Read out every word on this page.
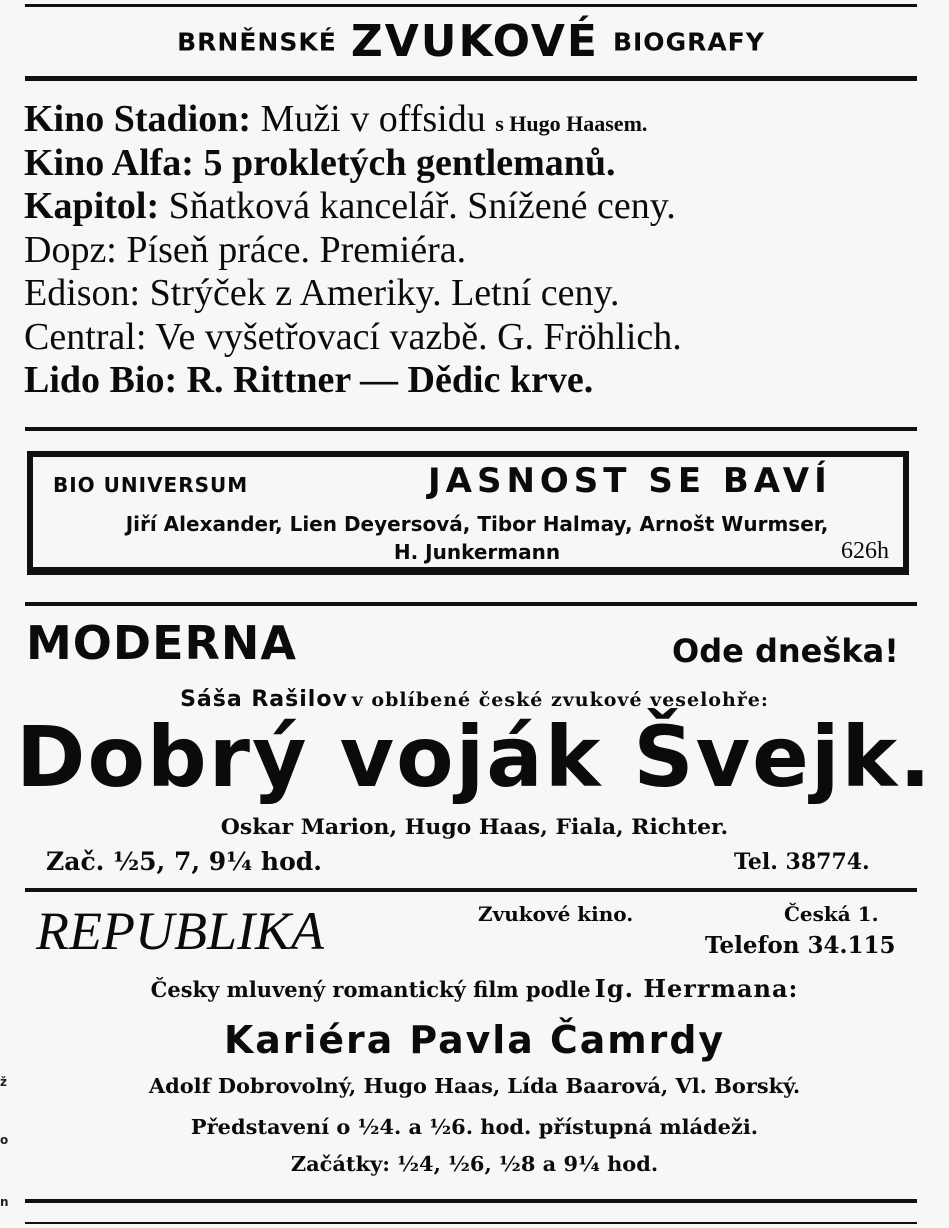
ž
o
n
BRNĚNSKÉ ZVUKOVÉ BIOGRAFY
Kino Stadion: Muži v offsidu s Hugo Haasem.
Kino Alfa: 5 prokletých gentlemanů.
Kapitol: Sňatková kancelář. Snížené ceny.
Dopz: Píseň práce. Premiéra.
Edison: Strýček z Ameriky. Letní ceny.
Central: Ve vyšetřovací vazbě. G. Fröhlich.
Lido Bio: R. Rittner — Dědic krve.
BIO UNIVERSUM	JASNOST SE BAVÍ
Jiří Alexander, Lien Deyersová, Tibor Halmay, Arnošt Wurmser,
H. Junkermann	626h
MODERNA	Ode dneška!
Sáša Rašilov v oblíbené české zvukové veselohře:
Dobrý voják Švejk.
Oskar Marion, Hugo Haas, Fiala, Richter.
Zač. ½5, 7, 9¼ hod.	Tel. 38774.
REPUBLIKA	Zvukové kino.	Česká 1.
Telefon 34.115
Česky mluvený romantický film podle Ig. Herrmana:
Kariéra Pavla Čamrdy
Adolf Dobrovolný, Hugo Haas, Lída Baarová, Vl. Borský.
Představení o ½4. a ½6. hod. přístupná mládeži.
Začátky: ½4, ½6, ½8 a 9¼ hod.
